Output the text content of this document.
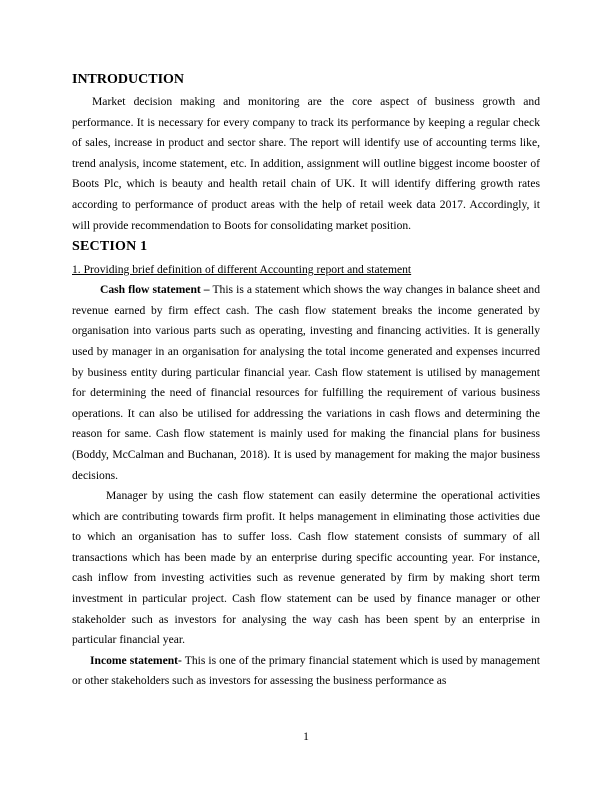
INTRODUCTION

Market decision making and monitoring are the core aspect of business growth and performance. It is necessary for every company to track its performance by keeping a regular check of sales, increase in product and sector share. The report will identify use of accounting terms like, trend analysis, income statement, etc. In addition, assignment will outline biggest income booster of Boots Plc, which is beauty and health retail chain of UK. It will identify differing growth rates according to performance of product areas with the help of retail week data 2017. Accordingly, it will provide recommendation to Boots for consolidating market position.

SECTION 1

1. Providing brief definition of different Accounting report and statement

Cash flow statement – This is a statement which shows the way changes in balance sheet and revenue earned by firm effect cash. The cash flow statement breaks the income generated by organisation into various parts such as operating, investing and financing activities. It is generally used by manager in an organisation for analysing the total income generated and expenses incurred by business entity during particular financial year. Cash flow statement is utilised by management for determining the need of financial resources for fulfilling the requirement of various business operations. It can also be utilised for addressing the variations in cash flows and determining the reason for same. Cash flow statement is mainly used for making the financial plans for business (Boddy, McCalman and Buchanan, 2018). It is used by management for making the major business decisions.

Manager by using the cash flow statement can easily determine the operational activities which are contributing towards firm profit. It helps management in eliminating those activities due to which an organisation has to suffer loss. Cash flow statement consists of summary of all transactions which has been made by an enterprise during specific accounting year. For instance, cash inflow from investing activities such as revenue generated by firm by making short term investment in particular project. Cash flow statement can be used by finance manager or other stakeholder such as investors for analysing the way cash has been spent by an enterprise in particular financial year.

Income statement- This is one of the primary financial statement which is used by management or other stakeholders such as investors for assessing the business performance as

1
